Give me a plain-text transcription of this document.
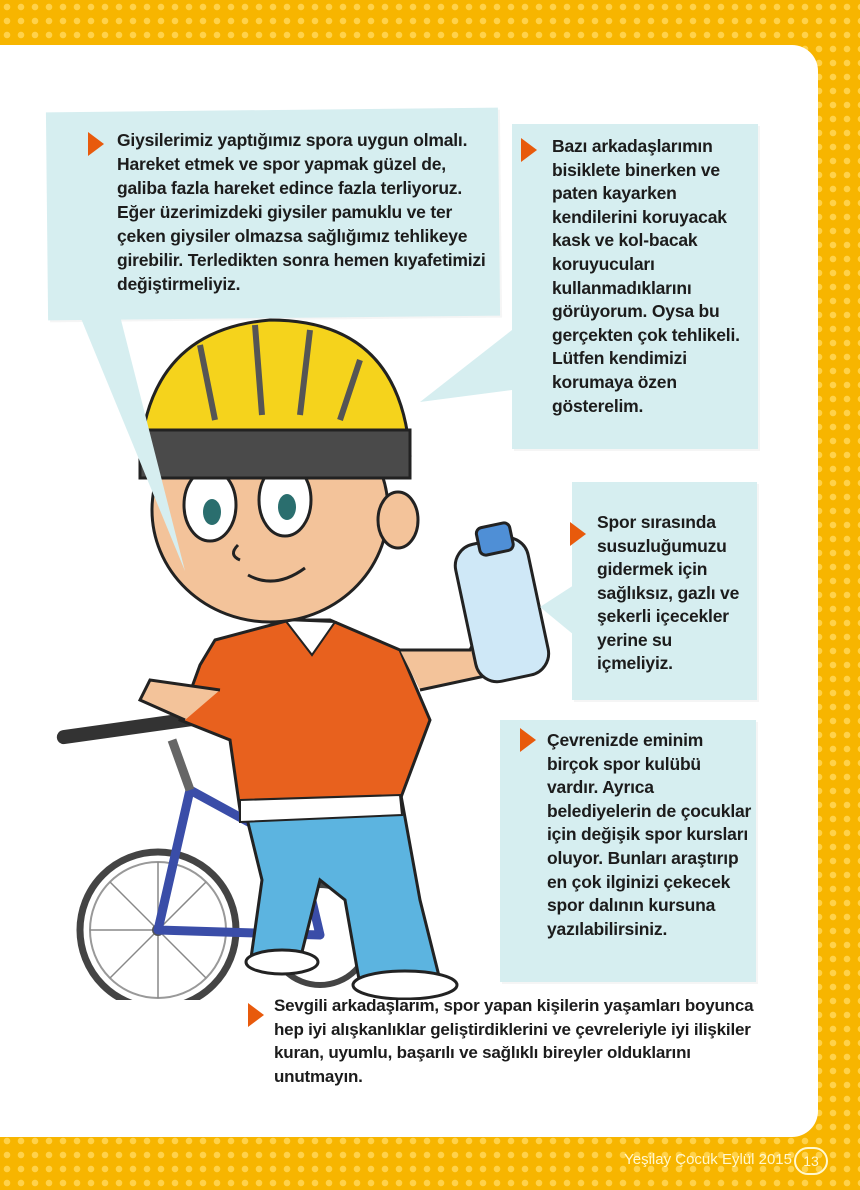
Giysilerimiz yaptığımız spora uygun olmalı. Hareket etmek ve spor yapmak güzel de, galiba fazla hareket edince fazla terliyoruz. Eğer üzerimizdeki giysiler pamuklu ve ter çeken giysiler olmazsa sağlığımız tehlikeye girebilir. Terledikten sonra hemen kıyafetimizi değiştirmeliyiz.

Bazı arkadaşlarımın bisiklete binerken ve paten kayarken kendilerini koruyacak kask ve kol-bacak koruyucuları kullanmadıklarını görüyorum. Oysa bu gerçekten çok tehlikeli. Lütfen kendimizi korumaya özen gösterelim.

Spor sırasında susuzluğumuzu gidermek için sağlıksız, gazlı ve şekerli içecekler yerine su içmeliyiz.

Çevrenizde eminim birçok spor kulübü vardır. Ayrıca belediyelerin de çocuklar için değişik spor kursları oluyor. Bunları araştırıp en çok ilginizi çekecek spor dalının kursuna yazılabilirsiniz.

Sevgili arkadaşlarım, spor yapan kişilerin yaşamları boyunca hep iyi alışkanlıklar geliştirdiklerini ve çevreleriyle iyi ilişkiler kuran, uyumlu, başarılı ve sağlıklı bireyler olduklarını unutmayın.

Yeşilay Çocuk Eylül 2015 13
